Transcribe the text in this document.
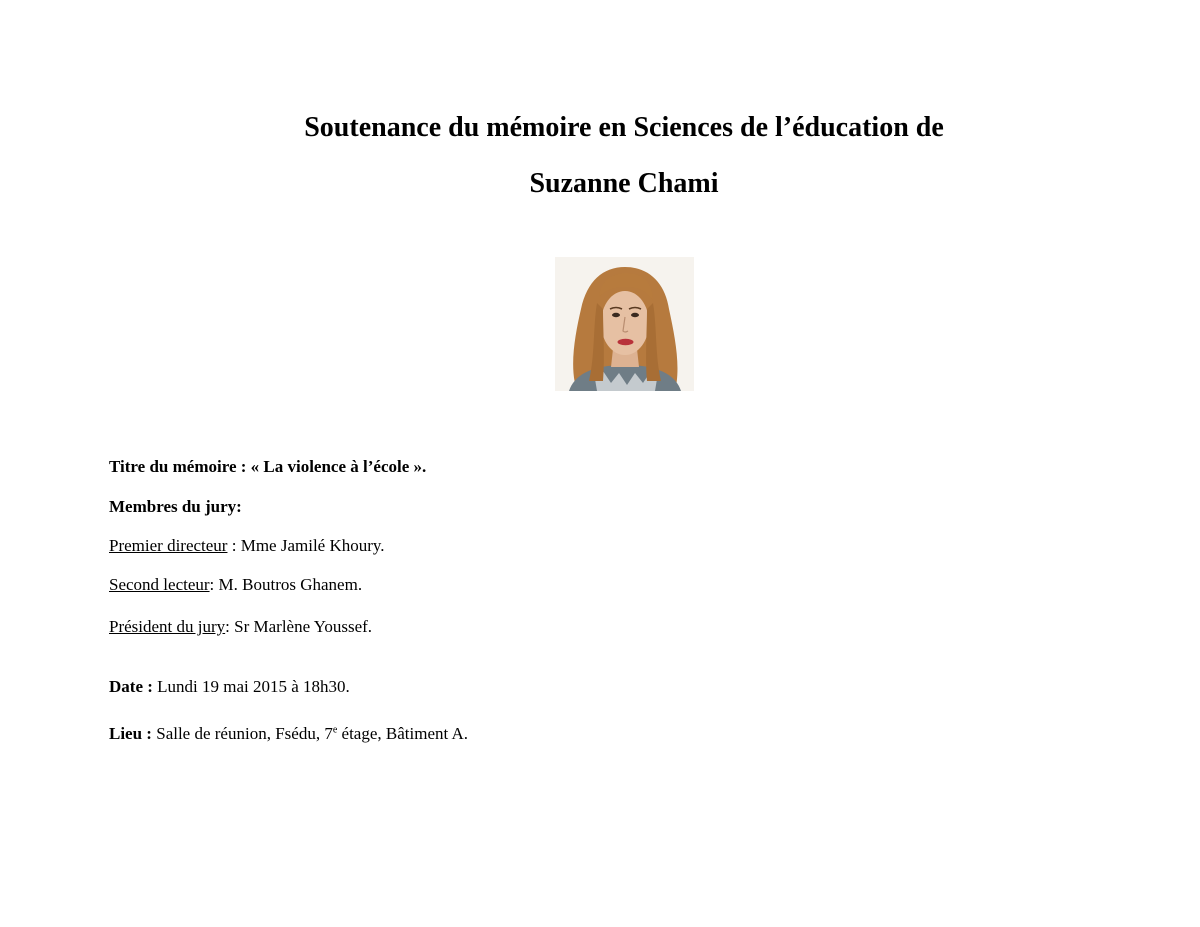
Soutenance du mémoire en Sciences de l’éducation de
Suzanne Chami
Titre du mémoire : « La violence à l’école ».
Membres du jury:
Premier directeur : Mme Jamilé Khoury.
Second lecteur: M. Boutros Ghanem.
Président du jury: Sr Marlène Youssef.
Date : Lundi 19 mai 2015 à 18h30.
Lieu : Salle de réunion, Fsédu, 7e étage, Bâtiment A.
